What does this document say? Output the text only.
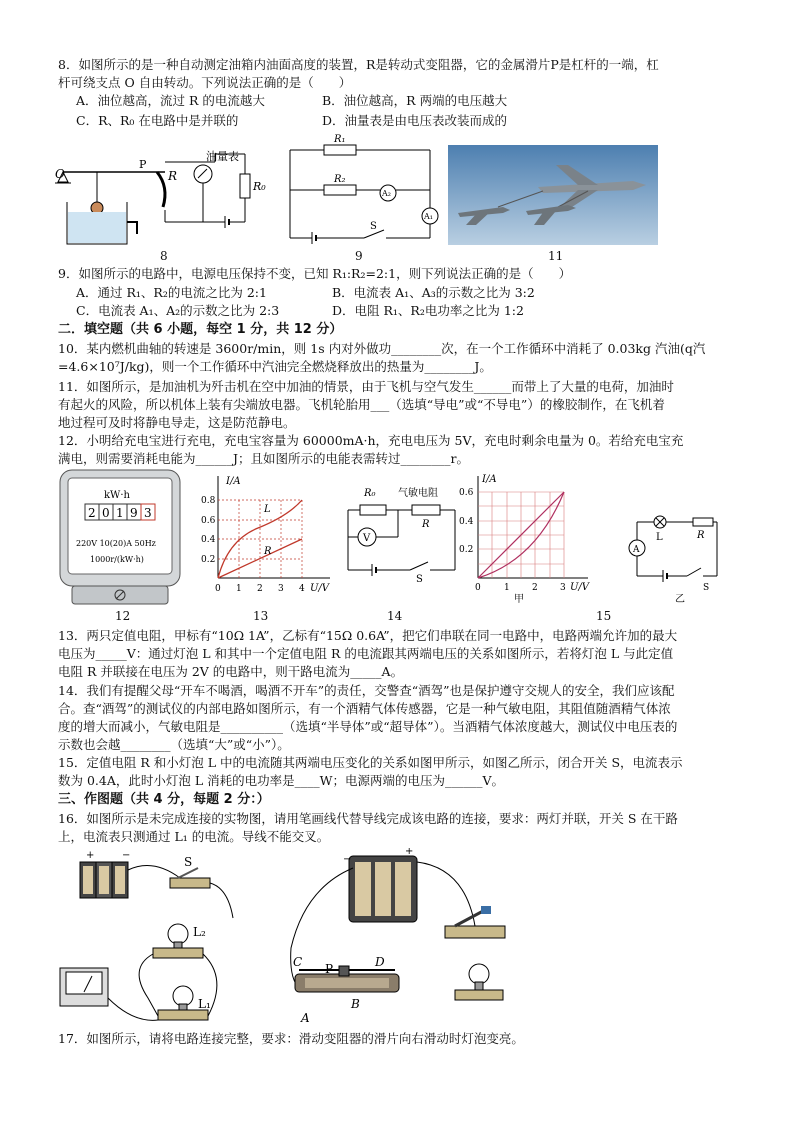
8．如图所示的是一种自动测定油箱内油面高度的装置，R是转动式变阻器，它的金属滑片P是杠杆的一端，杠
杆可绕支点 O 自由转动。下列说法正确的是（　　）
A．油位越高，流过 R 的电流越大	B．油位越高，R 两端的电压越大
C．R、R₀ 在电路中是并联的	D．油量表是由电压表改装而成的
O
P
R
油量表
R₀
R₁
R₂
A₂
A₁
S
8	9	11
9．如图所示的电路中，电源电压保持不变，已知 R₁:R₂=2:1，则下列说法正确的是（　　）
A．通过 R₁、R₂的电流之比为 2:1	B．电流表 A₁、A₃的示数之比为 3:2
C．电流表 A₁、A₂的示数之比为 2:3	D．电阻 R₁、R₂电功率之比为 1:2
二．填空题（共 6 小题，每空 1 分，共 12 分）
10．某内燃机曲轴的转速是 3600r/min，则 1s 内对外做功________次，在一个工作循环中消耗了 0.03kg 汽油(q汽
=4.6×10⁷J/kg)，则一个工作循环中汽油完全燃烧释放出的热量为________J。
11．如图所示，是加油机为歼击机在空中加油的情景，由于飞机与空气发生______而带上了大量的电荷，加油时
有起火的风险，所以机体上装有尖端放电器。飞机轮胎用___（选填“导电”或“不导电”）的橡胶制作，在飞机着
地过程可及时将静电导走，这是防范静电。
12．小明给充电宝进行充电，充电宝容量为 60000mA·h，充电电压为 5V，充电时剩余电量为 0。若给充电宝充
满电，则需要消耗电能为______J；且如图所示的电能表需转过________r。
kW·h
2 0 1 9 3
220V 10(20)A 50Hz
1000r/(kW·h)
I/A
0.8
0.6
0.4
0.2
0 1 2 3 4 U/V
L
R
R₀ 气敏电阻
R
V
S
I/A
0.6
0.4
0.2
0	1 2 3 U/V
甲
A
L	R
S
乙
12	13	14	15
13．两只定值电阻，甲标有“10Ω 1A”，乙标有“15Ω 0.6A”，把它们串联在同一电路中，电路两端允许加的最大
电压为_____V：通过灯泡 L 和其中一个定值电阻 R 的电流跟其两端电压的关系如图所示，若将灯泡 L 与此定值
电阻 R 并联接在电压为 2V 的电路中，则干路电流为_____A。
14．我们有提醒父母“开车不喝酒，喝酒不开车”的责任，交警查“酒驾”也是保护遵守交规人的安全，我们应该配
合。查“酒驾”的测试仪的内部电路如图所示，有一个酒精气体传感器，它是一种气敏电阻，其阻值随酒精气体浓
度的增大而减小，气敏电阻是__________（选填“半导体”或“超导体”）。当酒精气体浓度越大，测试仪中电压表的
示数也会越________（选填“大”或“小”）。
15．定值电阻 R 和小灯泡 L 中的电流随其两端电压变化的关系如图甲所示，如图乙所示，闭合开关 S，电流表示
数为 0.4A，此时小灯泡 L 消耗的电功率是____W；电源两端的电压为______V。
三、作图题（共 4 分，每题 2 分：）
16．如图所示是未完成连接的实物图，请用笔画线代替导线完成该电路的连接，要求：两灯并联，开关 S 在干路
上，电流表只测通过 L₁ 的电流。导线不能交叉。
+	−	S
L₂
L₁
−
+
C P	D
A
B
17．如图所示，请将电路连接完整，要求：滑动变阻器的滑片向右滑动时灯泡变亮。
